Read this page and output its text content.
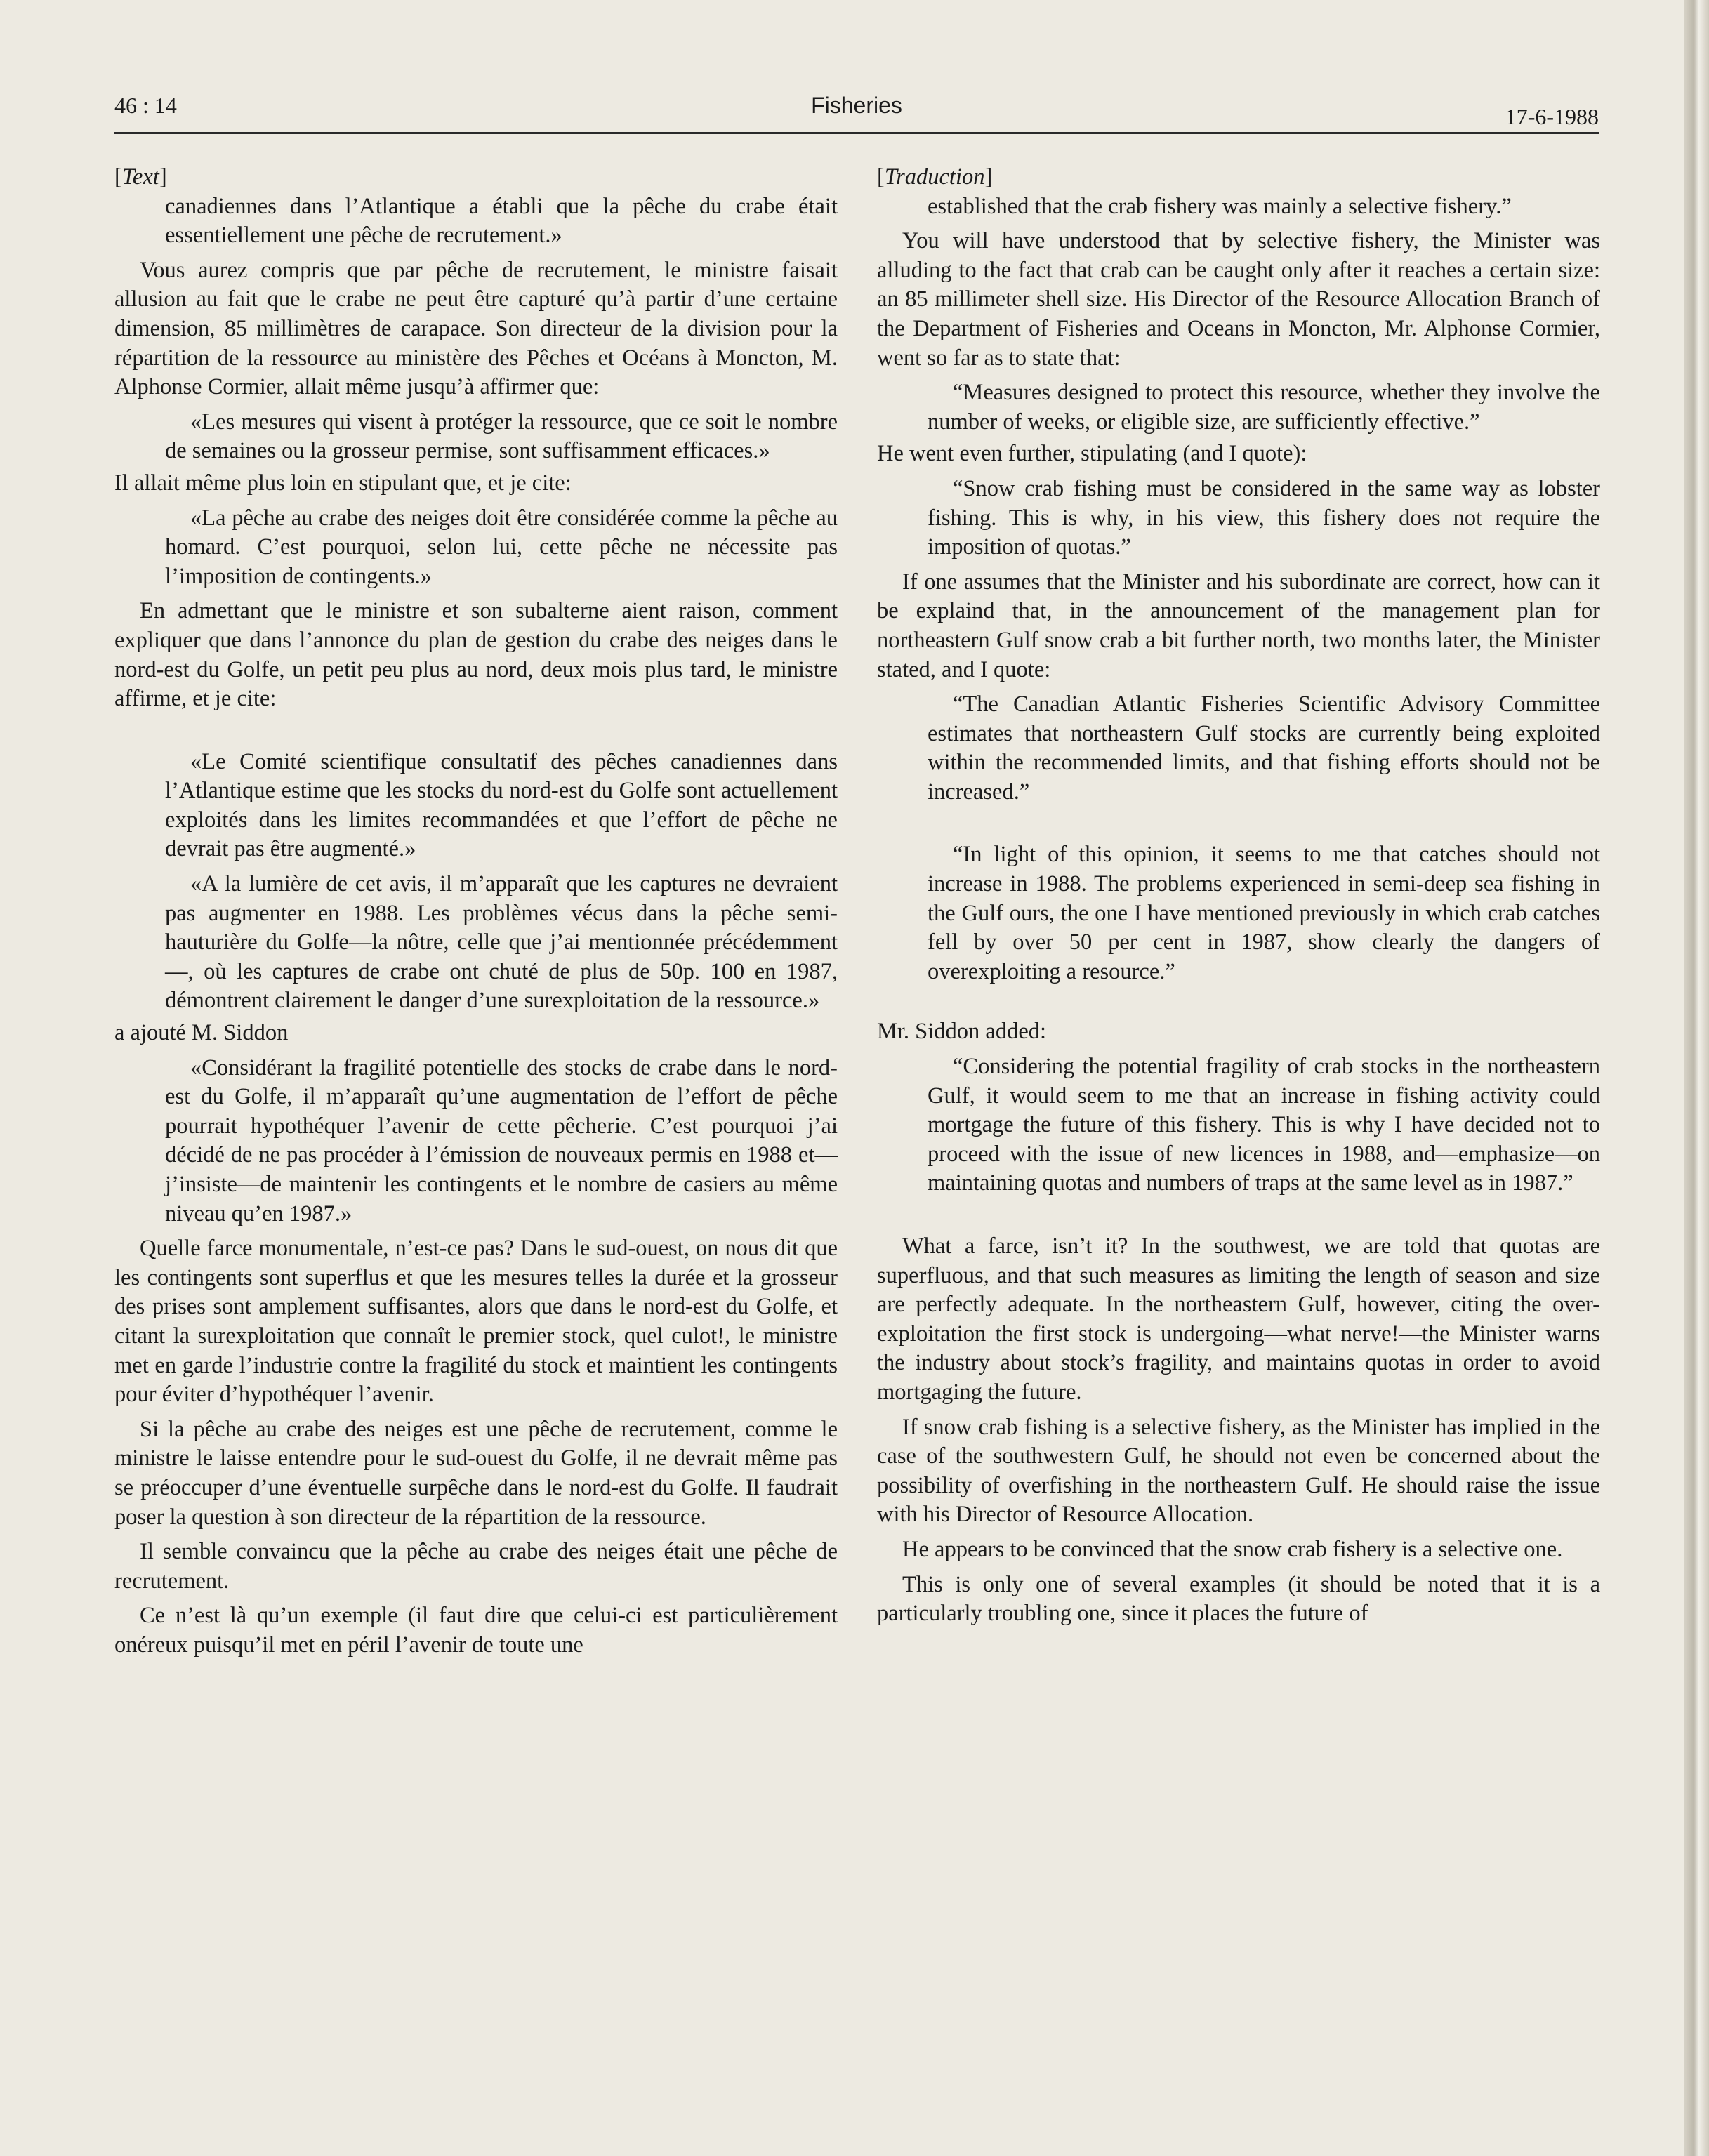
46 : 14	Fisheries	17-6-1988

[Text]

canadiennes dans l’Atlantique a établi que la pêche du crabe était essentiellement une pêche de recrutement.»

Vous aurez compris que par pêche de recrutement, le ministre faisait allusion au fait que le crabe ne peut être capturé qu’à partir d’une certaine dimension, 85 millimètres de carapace. Son directeur de la division pour la répartition de la ressource au ministère des Pêches et Océans à Moncton, M. Alphonse Cormier, allait même jusqu’à affirmer que:

«Les mesures qui visent à protéger la ressource, que ce soit le nombre de semaines ou la grosseur permise, sont suffisamment efficaces.»

Il allait même plus loin en stipulant que, et je cite:

«La pêche au crabe des neiges doit être considérée comme la pêche au homard. C’est pourquoi, selon lui, cette pêche ne nécessite pas l’imposition de contingents.»

En admettant que le ministre et son subalterne aient raison, comment expliquer que dans l’annonce du plan de gestion du crabe des neiges dans le nord-est du Golfe, un petit peu plus au nord, deux mois plus tard, le ministre affirme, et je cite:

«Le Comité scientifique consultatif des pêches canadiennes dans l’Atlantique estime que les stocks du nord-est du Golfe sont actuellement exploités dans les limites recommandées et que l’effort de pêche ne devrait pas être augmenté.»

«A la lumière de cet avis, il m’apparaît que les captures ne devraient pas augmenter en 1988. Les problèmes vécus dans la pêche semi-hauturière du Golfe—la nôtre, celle que j’ai mentionnée précédemment—, où les captures de crabe ont chuté de plus de 50p. 100 en 1987, démontrent clairement le danger d’une surexploitation de la ressource.»

a ajouté M. Siddon

«Considérant la fragilité potentielle des stocks de crabe dans le nord-est du Golfe, il m’apparaît qu’une augmentation de l’effort de pêche pourrait hypothéquer l’avenir de cette pêcherie. C’est pourquoi j’ai décidé de ne pas procéder à l’émission de nouveaux permis en 1988 et—j’insiste—de maintenir les contingents et le nombre de casiers au même niveau qu’en 1987.»

Quelle farce monumentale, n’est-ce pas? Dans le sud-ouest, on nous dit que les contingents sont superflus et que les mesures telles la durée et la grosseur des prises sont amplement suffisantes, alors que dans le nord-est du Golfe, et citant la surexploitation que connaît le premier stock, quel culot!, le ministre met en garde l’industrie contre la fragilité du stock et maintient les contingents pour éviter d’hypothéquer l’avenir.

Si la pêche au crabe des neiges est une pêche de recrutement, comme le ministre le laisse entendre pour le sud-ouest du Golfe, il ne devrait même pas se préoccuper d’une éventuelle surpêche dans le nord-est du Golfe. Il faudrait poser la question à son directeur de la répartition de la ressource.

Il semble convaincu que la pêche au crabe des neiges était une pêche de recrutement.

Ce n’est là qu’un exemple (il faut dire que celui-ci est particulièrement onéreux puisqu’il met en péril l’avenir de toute une

[Traduction]

established that the crab fishery was mainly a selective fishery.”

You will have understood that by selective fishery, the Minister was alluding to the fact that crab can be caught only after it reaches a certain size: an 85 millimeter shell size. His Director of the Resource Allocation Branch of the Department of Fisheries and Oceans in Moncton, Mr. Alphonse Cormier, went so far as to state that:

“Measures designed to protect this resource, whether they involve the number of weeks, or eligible size, are sufficiently effective.”

He went even further, stipulating (and I quote):

“Snow crab fishing must be considered in the same way as lobster fishing. This is why, in his view, this fishery does not require the imposition of quotas.”

If one assumes that the Minister and his subordinate are correct, how can it be explaind that, in the announcement of the management plan for northeastern Gulf snow crab a bit further north, two months later, the Minister stated, and I quote:

“The Canadian Atlantic Fisheries Scientific Advisory Committee estimates that northeastern Gulf stocks are currently being exploited within the recommended limits, and that fishing efforts should not be increased.”

“In light of this opinion, it seems to me that catches should not increase in 1988. The problems experienced in semi-deep sea fishing in the Gulf ours, the one I have mentioned previously in which crab catches fell by over 50 per cent in 1987, show clearly the dangers of overexploiting a resource.”

Mr. Siddon added:

“Considering the potential fragility of crab stocks in the northeastern Gulf, it would seem to me that an increase in fishing activity could mortgage the future of this fishery. This is why I have decided not to proceed with the issue of new licences in 1988, and—emphasize—on maintaining quotas and numbers of traps at the same level as in 1987.”

What a farce, isn’t it? In the southwest, we are told that quotas are superfluous, and that such measures as limiting the length of season and size are perfectly adequate. In the northeastern Gulf, however, citing the over-exploitation the first stock is undergoing—what nerve!—the Minister warns the industry about stock’s fragility, and maintains quotas in order to avoid mortgaging the future.

If snow crab fishing is a selective fishery, as the Minister has implied in the case of the southwestern Gulf, he should not even be concerned about the possibility of overfishing in the northeastern Gulf. He should raise the issue with his Director of Resource Allocation.

He appears to be convinced that the snow crab fishery is a selective one.

This is only one of several examples (it should be noted that it is a particularly troubling one, since it places the future of
